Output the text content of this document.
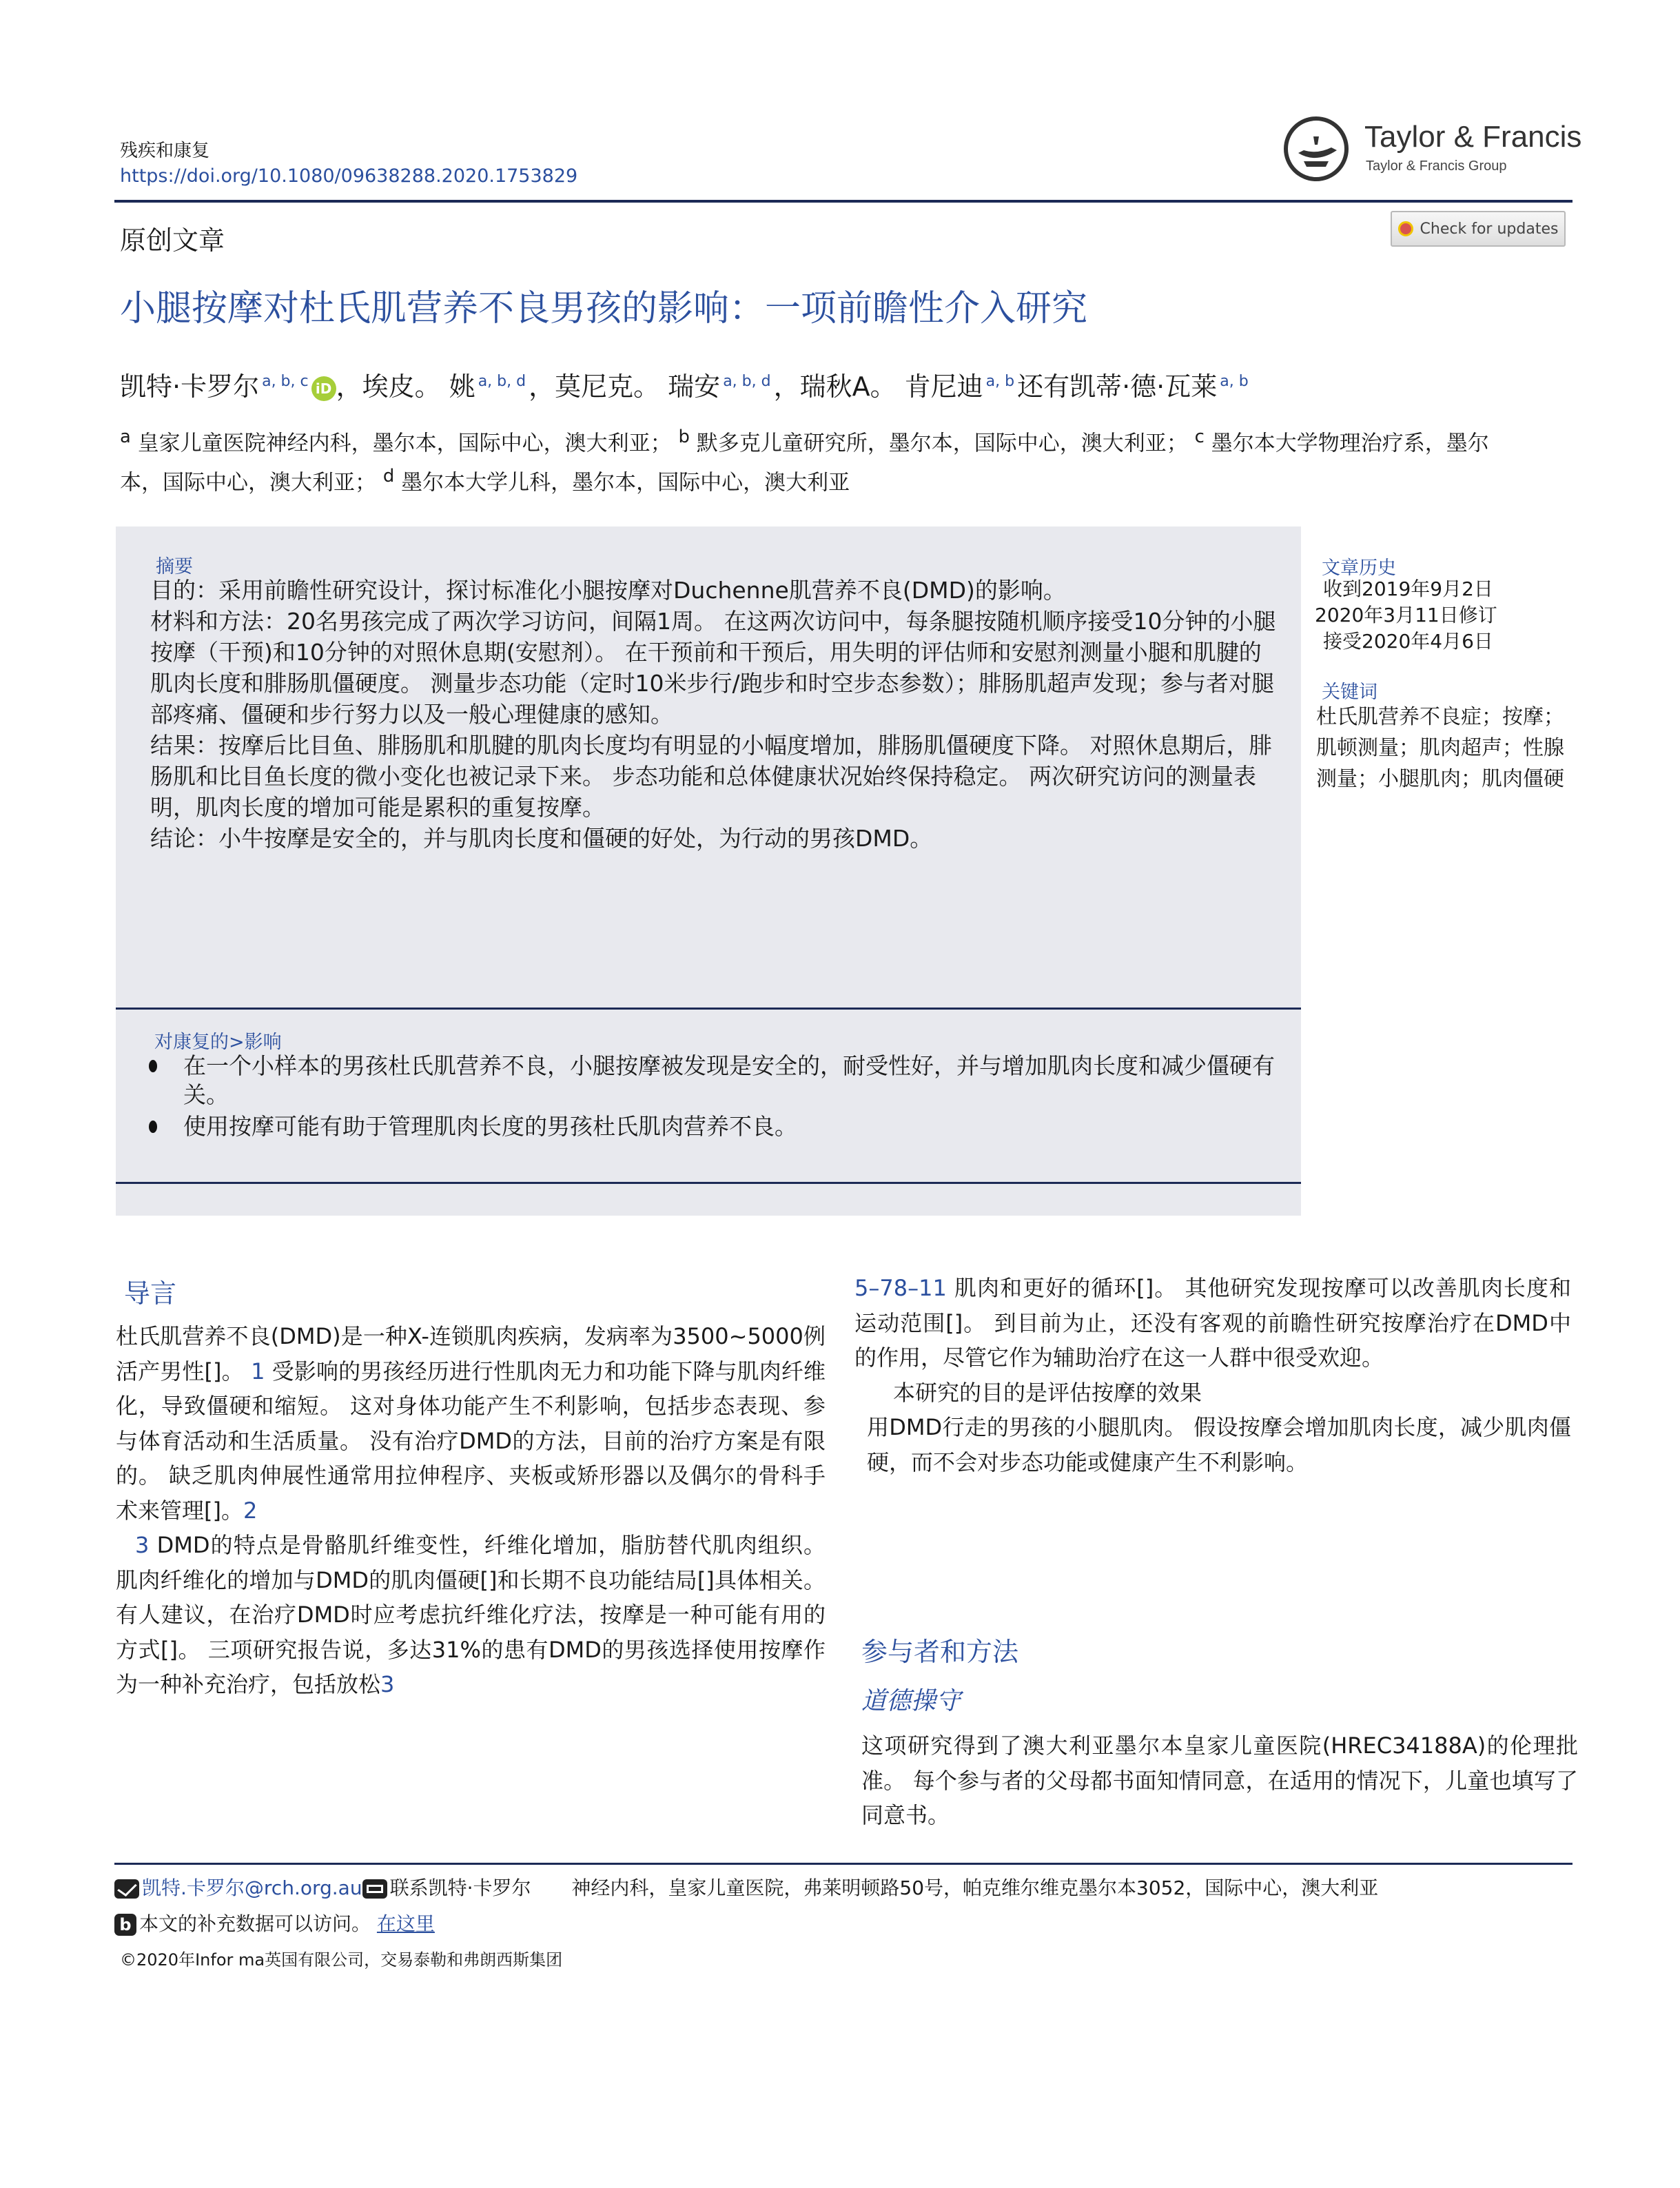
残疾和康复
https://doi.org/10.1080/09638288.2020.1753829
Taylor & Francis
Taylor & Francis Group
原创文章	Check for updates
小腿按摩对杜氏肌营养不良男孩的影响：一项前瞻性介入研究
凯特·卡罗尔 $^{a, b, c}$ iD ，埃皮。 姚 $^{a, b, d}$ ，莫尼克。 瑞安 $^{a, b, d}$ ，瑞秋A。 肯尼迪 $^{a, b}$ 还有凯蒂·德·瓦莱 $^{a, b}$
$^a$ 皇家儿童医院神经内科，墨尔本，国际中心，澳大利亚； $^b$ 默多克儿童研究所，墨尔本，国际中心，澳大利亚； $^c$ 墨尔本大学物理治疗系，墨尔本，国际中心，澳大利亚； $^d$ 墨尔本大学儿科，墨尔本，国际中心，澳大利亚
摘要

目的：采用前瞻性研究设计，探讨标准化小腿按摩对Duchenne肌营养不良(DMD)的影响。

材料和方法：20名男孩完成了两次学习访问，间隔1周。 在这两次访问中，每条腿按随机顺序接受10分钟的小腿按摩（干预)和10分钟的对照休息期(安慰剂）。 在干预前和干预后，用失明的评估师和安慰剂测量小腿和肌腱的肌肉长度和腓肠肌僵硬度。 测量步态功能（定时10米步行/跑步和时空步态参数）；腓肠肌超声发现；参与者对腿部疼痛、僵硬和步行努力以及一般心理健康的感知。

结果：按摩后比目鱼、腓肠肌和肌腱的肌肉长度均有明显的小幅度增加，腓肠肌僵硬度下降。 对照休息期后，腓肠肌和比目鱼长度的微小变化也被记录下来。 步态功能和总体健康状况始终保持稳定。 两次研究访问的测量表明，肌肉长度的增加可能是累积的重复按摩。

结论：小牛按摩是安全的，并与肌肉长度和僵硬的好处，为行动的男孩DMD。

对康复的>影响
在一个小样本的男孩杜氏肌营养不良，小腿按摩被发现是安全的，耐受性好，并与增加肌肉长度和减少僵硬有关。
使用按摩可能有助于管理肌肉长度的男孩杜氏肌肉营养不良。
文章历史
收到2019年9月2日
2020年3月11日修订
接受2020年4月6日
关键词
杜氏肌营养不良症；按摩；肌顿测量；肌肉超声；性腺测量；小腿肌肉；肌肉僵硬
导言

杜氏肌营养不良(DMD)是一种X-连锁肌肉疾病，发病率为3500~5000例活产男性[]。 1 受影响的男孩经历进行性肌肉无力和功能下降与肌肉纤维化，导致僵硬和缩短。 这对身体功能产生不利影响，包括步态表现、参与体育活动和生活质量。 没有治疗DMD的方法，目前的治疗方案是有限的。 缺乏肌肉伸展性通常用拉伸程序、夹板或矫形器以及偶尔的骨科手术来管理[]。2

3 DMD的特点是骨骼肌纤维变性，纤维化增加，脂肪替代肌肉组织。 肌肉纤维化的增加与DMD的肌肉僵硬[]和长期不良功能结局[]具体相关。 有人建议，在治疗DMD时应考虑抗纤维化疗法，按摩是一种可能有用的方式[]。 三项研究报告说，多达31%的患有DMD的男孩选择使用按摩作为一种补充治疗，包括放松3

5–78–11 肌肉和更好的循环[]。 其他研究发现按摩可以改善肌肉长度和运动范围[]。 到目前为止，还没有客观的前瞻性研究按摩治疗在DMD中的作用，尽管它作为辅助治疗在这一人群中很受欢迎。

本研究的目的是评估按摩的效果

用DMD行走的男孩的小腿肌肉。 假设按摩会增加肌肉长度，减少肌肉僵硬，而不会对步态功能或健康产生不利影响。

参与者和方法
道德操守
这项研究得到了澳大利亚墨尔本皇家儿童医院(HREC34188A)的伦理批准。 每个参与者的父母都书面知情同意，在适用的情况下，儿童也填写了同意书。
凯特.卡罗尔@rch.org.au 联系凯特·卡罗尔 神经内科，皇家儿童医院，弗莱明顿路50号，帕克维尔维克墨尔本3052，国际中心，澳大利亚
b 本文的补充数据可以访问。 在这里
©2020年Infor ma英国有限公司，交易泰勒和弗朗西斯集团
